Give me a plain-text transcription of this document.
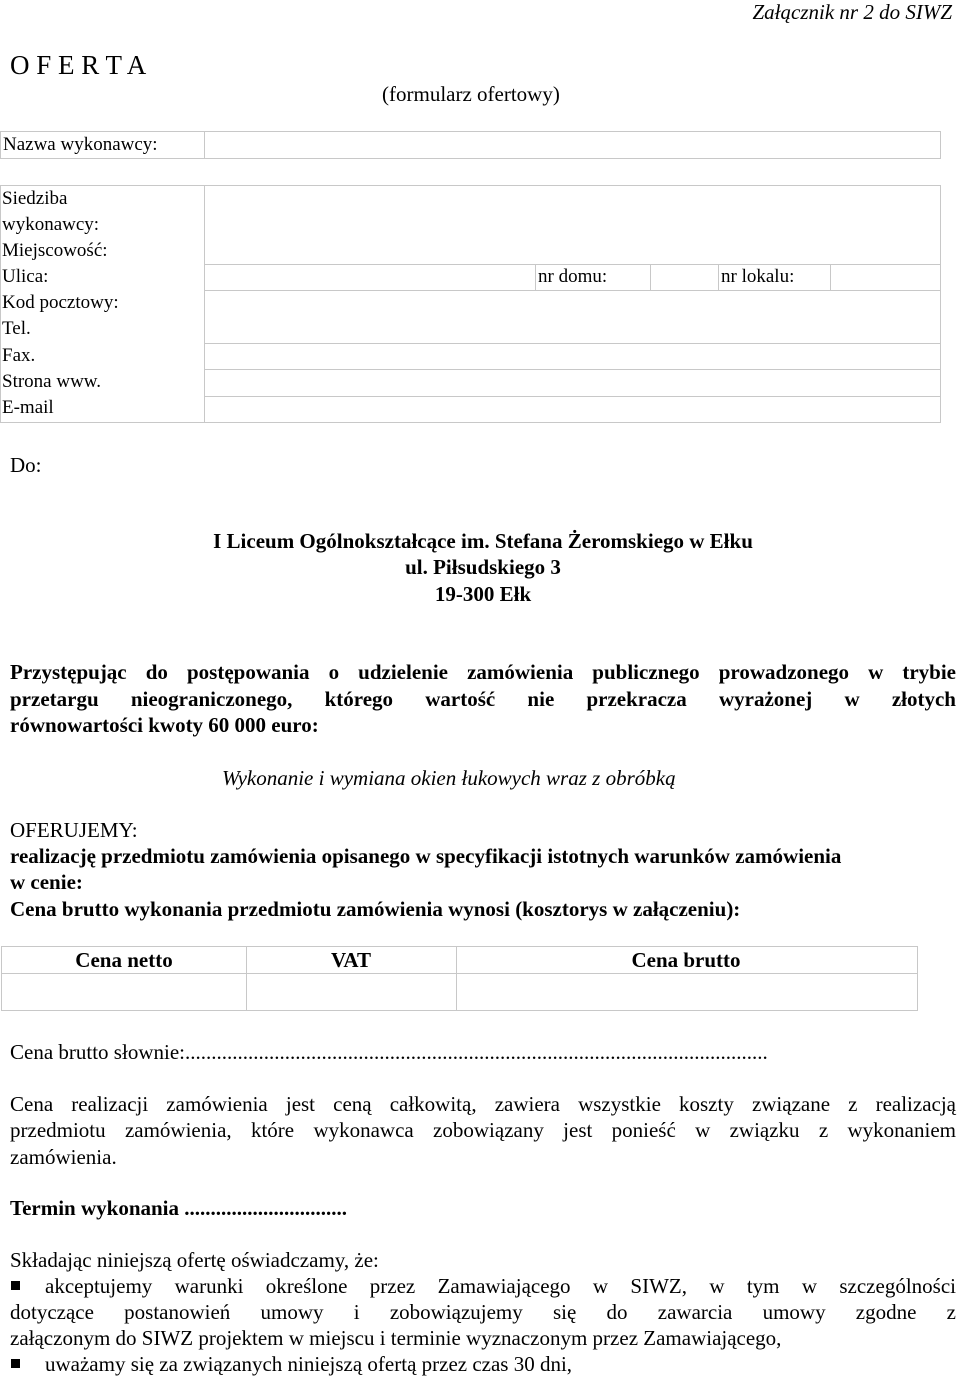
Załącznik nr 2 do SIWZ
O F E R T A
(formularz ofertowy)
Nazwa wykonawcy:
Siedziba
wykonawcy:
Miejscowość:
Ulica:	nr domu:	nr lokalu:
Kod pocztowy:
Tel.
Fax.
Strona www.
E-mail
Do:
I Liceum Ogólnokształcące im. Stefana Żeromskiego w Ełku
ul. Piłsudskiego 3
19-300 Ełk
Przystępując do postępowania o udzielenie zamówienia publicznego prowadzonego w trybie
przetargu nieograniczonego, którego wartość nie przekracza wyrażonej w złotych
równowartości kwoty 60 000 euro:
Wykonanie i wymiana okien łukowych wraz z obróbką
OFERUJEMY:
realizację przedmiotu zamówienia opisanego w specyfikacji istotnych warunków zamówienia
w cenie:
Cena brutto wykonania przedmiotu zamówienia wynosi (kosztorys w załączeniu):
Cena netto	VAT	Cena brutto
Cena brutto słownie:...............................................................................................................
Cena realizacji zamówienia jest ceną całkowitą, zawiera wszystkie koszty związane z realizacją
przedmiotu zamówienia, które wykonawca zobowiązany jest ponieść w związku z wykonaniem
zamówienia.
Termin wykonania ...............................
Składając niniejszą ofertę oświadczamy, że:
akceptujemy warunki określone przez Zamawiającego w SIWZ, w tym w szczególności
dotyczące postanowień umowy i zobowiązujemy się do zawarcia umowy zgodne z
załączonym do SIWZ projektem w miejscu i terminie wyznaczonym przez Zamawiającego,
uważamy się za związanych niniejszą ofertą przez czas 30 dni,
